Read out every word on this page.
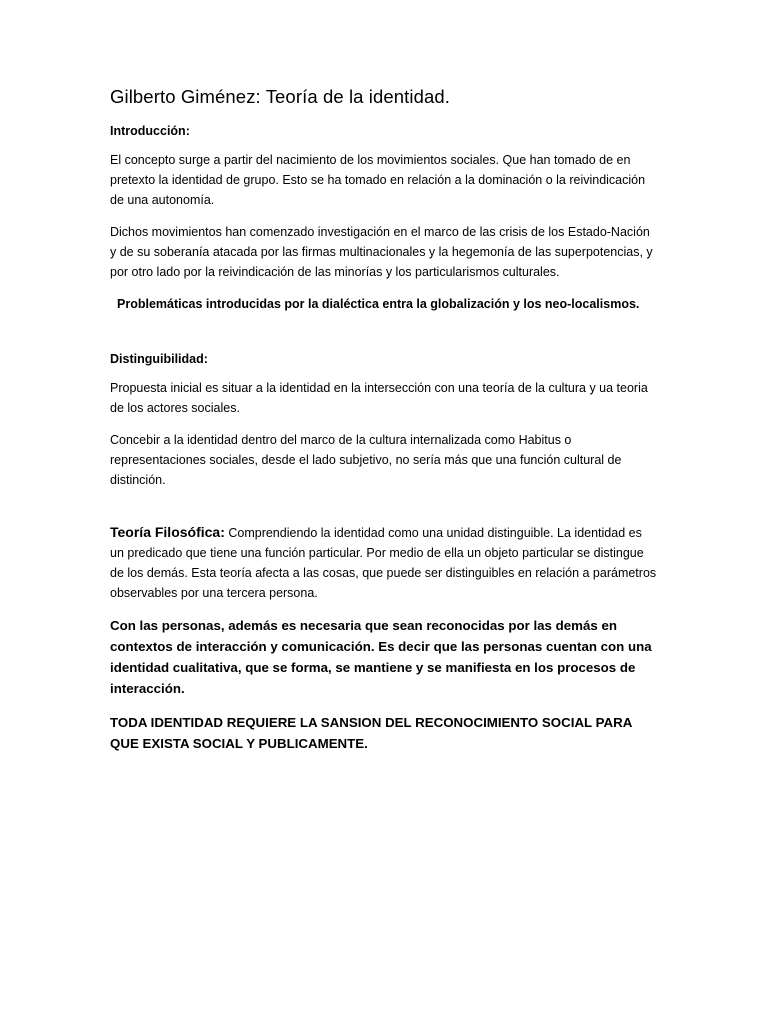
Gilberto Giménez: Teoría de la identidad.

Introducción:

El concepto surge a partir del nacimiento de los movimientos sociales. Que han tomado de en pretexto la identidad de grupo. Esto se ha tomado en relación a la dominación o la reivindicación de una autonomía.

Dichos movimientos han comenzado investigación en el marco de las crisis de los Estado-Nación y de su soberanía atacada por las firmas multinacionales y la hegemonía de las superpotencias, y por otro lado por la reivindicación de las minorías y los particularismos culturales.

Problemáticas introducidas por la dialéctica entra la globalización y los neo-localismos.

Distinguibilidad:

Propuesta inicial es situar a la identidad en la intersección con una teoría de la cultura y ua teoria de los actores sociales.

Concebir a la identidad dentro del marco de la cultura internalizada como Habitus o representaciones sociales, desde el lado subjetivo, no sería más que una función cultural de distinción.

Teoría Filosófica: Comprendiendo la identidad como una unidad distinguible. La identidad es un predicado que tiene una función particular. Por medio de ella un objeto particular se distingue de los demás. Esta teoría afecta a las cosas, que puede ser distinguibles en relación a parámetros observables por una tercera persona.

Con las personas, además es necesaria que sean reconocidas por las demás en contextos de interacción y comunicación. Es decir que las personas cuentan con una identidad cualitativa, que se forma, se mantiene y se manifiesta en los procesos de interacción.

TODA IDENTIDAD REQUIERE LA SANSION DEL RECONOCIMIENTO SOCIAL PARA QUE EXISTA SOCIAL Y PUBLICAMENTE.
